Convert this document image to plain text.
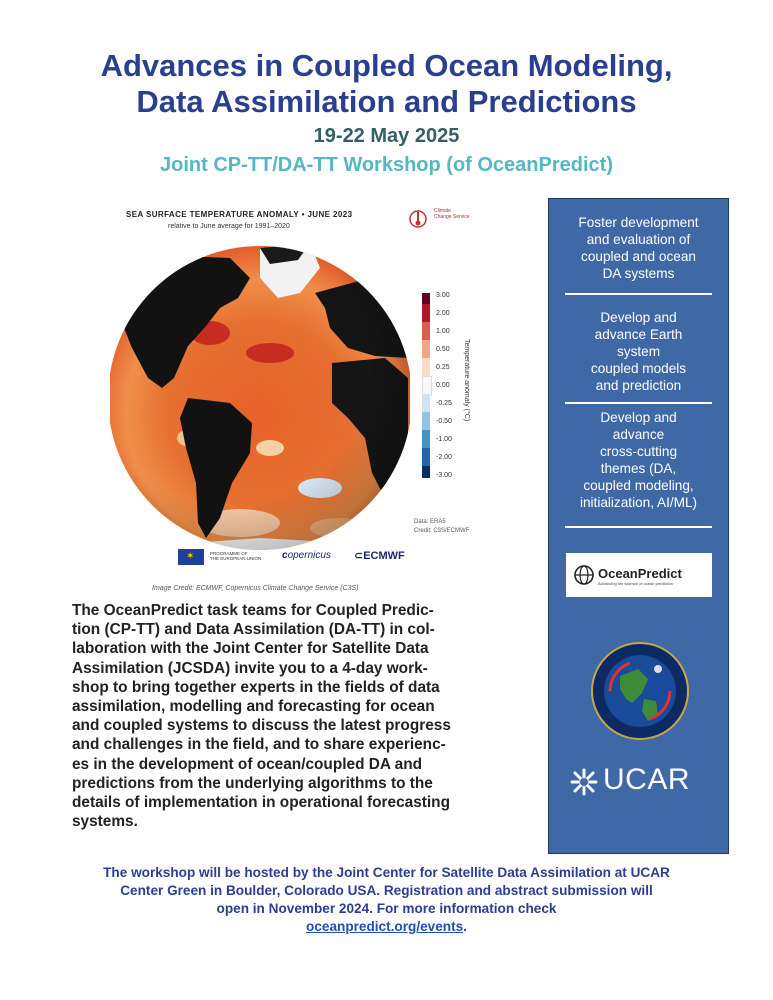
Advances in Coupled Ocean Modeling,
Data Assimilation and Predictions
19-22 May 2025
Joint CP-TT/DA-TT Workshop (of OceanPredict)
SEA SURFACE TEMPERATURE ANOMALY • JUNE 2023
relative to June average for 1991–2020
Climate
Change Service
3.00
2.00
1.00
0.50
0.25
0.00
-0.25
-0.50
-1.00
-2.00
-3.00
Temperature anomaly (°C)
Data: ERA5
Credit: C3S/ECMWF
✶	PROGRAMME OF
THE EUROPEAN UNION copernicus ⊂ECMWF
Image Credit: ECMWF, Copernicus Climate Change Service (C3S)
The OceanPredict task teams for Coupled Predic-
tion (CP-TT) and Data Assimilation (DA-TT) in col-
laboration with the Joint Center for Satellite Data
Assimilation (JCSDA) invite you to a 4-day work-
shop to bring together experts in the fields of data
assimilation, modelling and forecasting for ocean
and coupled systems to discuss the latest progress
and challenges in the field, and to share experienc-
es in the development of ocean/coupled DA and
predictions from the underlying algorithms to the
details of implementation in operational forecasting
systems.
Foster development
and evaluation of
coupled and ocean
DA systems
Develop and
advance Earth
system
coupled models
and prediction
Develop and
advance
cross-cutting
themes (DA,
coupled modeling,
initialization, AI/ML)
OceanPredict
Advancing the science of ocean prediction
UCAR
The workshop will be hosted by the Joint Center for Satellite Data Assimilation at UCAR
Center Green in Boulder, Colorado USA. Registration and abstract submission will
open in November 2024. For more information check
oceanpredict.org/events.
